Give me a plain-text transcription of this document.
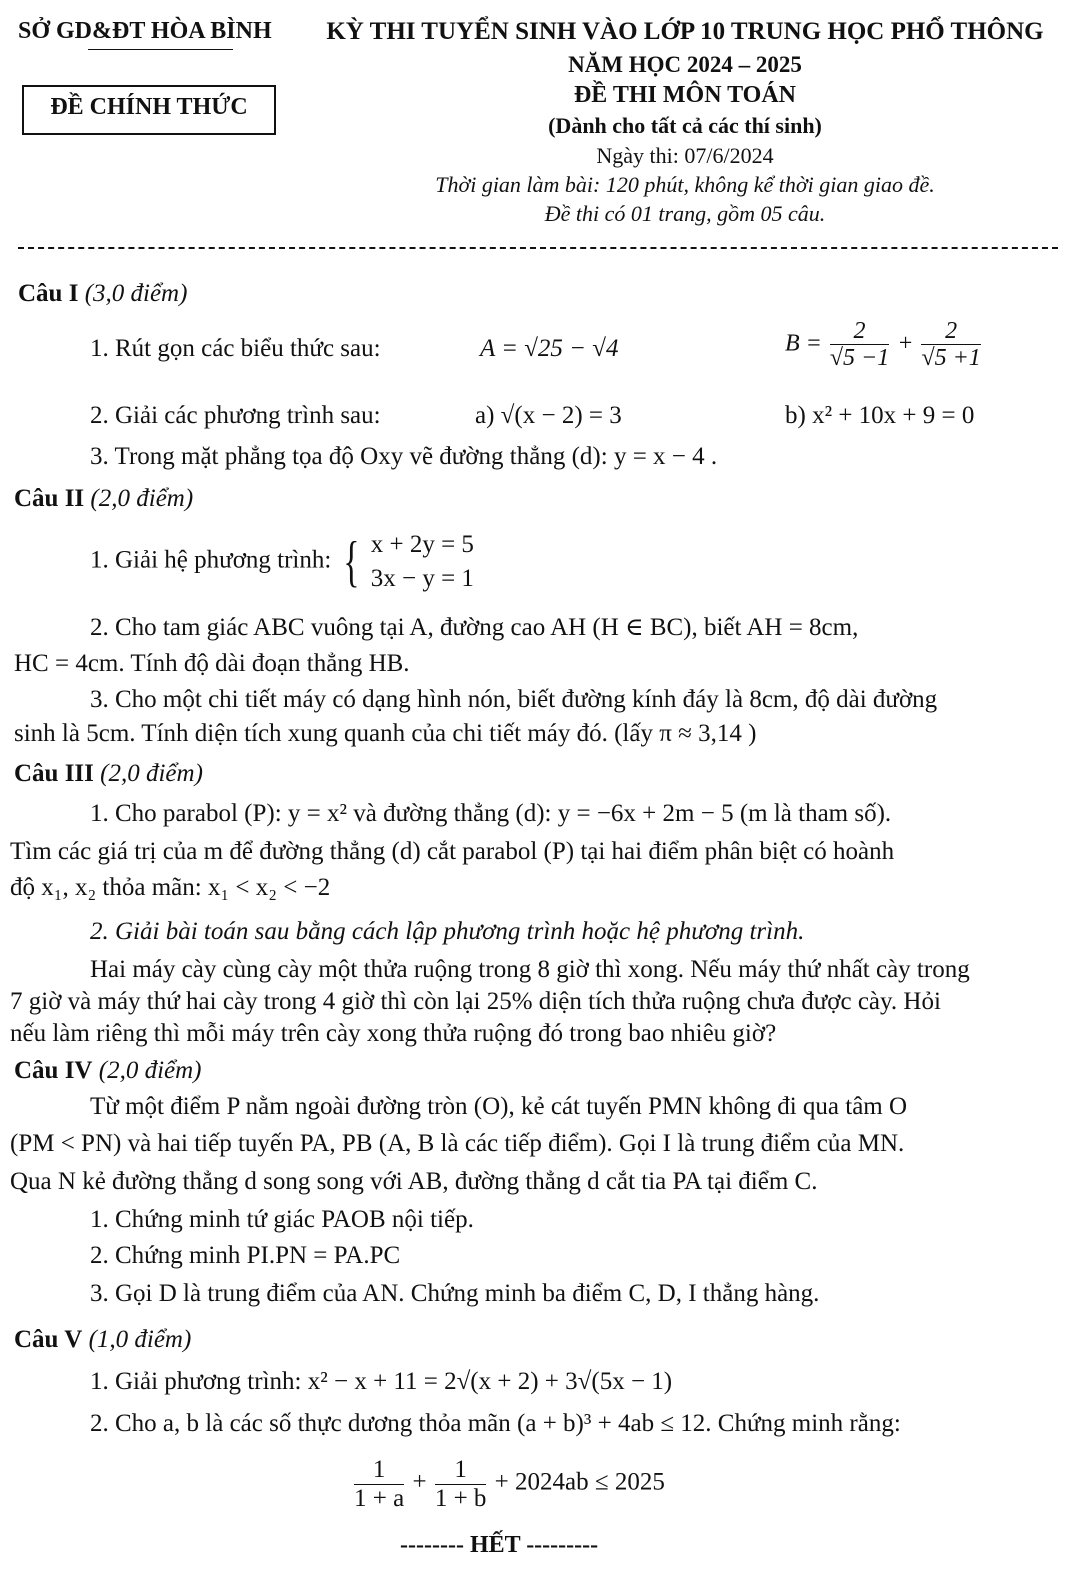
SỞ GD&ĐT HÒA BÌNH
ĐỀ CHÍNH THỨC
KỲ THI TUYỂN SINH VÀO LỚP 10 TRUNG HỌC PHỔ THÔNG
NĂM HỌC 2024 – 2025
ĐỀ THI MÔN TOÁN
(Dành cho tất cả các thí sinh)
Ngày thi: 07/6/2024
Thời gian làm bài: 120 phút, không kể thời gian giao đề.
Đề thi có 01 trang, gồm 05 câu.
Câu I (3,0 điểm)
1. Rút gọn các biểu thức sau:	A = √25 − √4	$B = \frac{2}{√5 -1} + \frac{2}{√5 +1}$
2. Giải các phương trình sau:	a) √(x − 2) = 3	b) x² + 10x + 9 = 0
3. Trong mặt phẳng tọa độ Oxy vẽ đường thẳng (d): y = x − 4 .
Câu II (2,0 điểm)
1. Giải hệ phương trình: { x + 2y = 5
3x − y = 1
2. Cho tam giác ABC vuông tại A, đường cao AH (H ∈ BC), biết AH = 8cm,
HC = 4cm. Tính độ dài đoạn thẳng HB.
3. Cho một chi tiết máy có dạng hình nón, biết đường kính đáy là 8cm, độ dài đường
sinh là 5cm. Tính diện tích xung quanh của chi tiết máy đó. (lấy π ≈ 3,14 )
Câu III (2,0 điểm)
1. Cho parabol (P): y = x² và đường thẳng (d): y = −6x + 2m − 5 (m là tham số).
Tìm các giá trị của m để đường thẳng (d) cắt parabol (P) tại hai điểm phân biệt có hoành
độ x₁, x₂ thỏa mãn: x₁ < x₂ < −2
2. Giải bài toán sau bằng cách lập phương trình hoặc hệ phương trình.
Hai máy cày cùng cày một thửa ruộng trong 8 giờ thì xong. Nếu máy thứ nhất cày trong
7 giờ và máy thứ hai cày trong 4 giờ thì còn lại 25% diện tích thửa ruộng chưa được cày. Hỏi
nếu làm riêng thì mỗi máy trên cày xong thửa ruộng đó trong bao nhiêu giờ?
Câu IV (2,0 điểm)
Từ một điểm P nằm ngoài đường tròn (O), kẻ cát tuyến PMN không đi qua tâm O
(PM < PN) và hai tiếp tuyến PA, PB (A, B là các tiếp điểm). Gọi I là trung điểm của MN.
Qua N kẻ đường thẳng d song song với AB, đường thẳng d cắt tia PA tại điểm C.
1. Chứng minh tứ giác PAOB nội tiếp.
2. Chứng minh PI.PN = PA.PC
3. Gọi D là trung điểm của AN. Chứng minh ba điểm C, D, I thẳng hàng.
Câu V (1,0 điểm)
1. Giải phương trình: x² − x + 11 = 2√(x + 2) + 3√(5x − 1)
2. Cho a, b là các số thực dương thỏa mãn (a + b)³ + 4ab ≤ 12. Chứng minh rằng:
$\frac{1}{1 + a} + \frac{1}{1 + b} + 2024ab \le 2025$
-------- HẾT ---------
